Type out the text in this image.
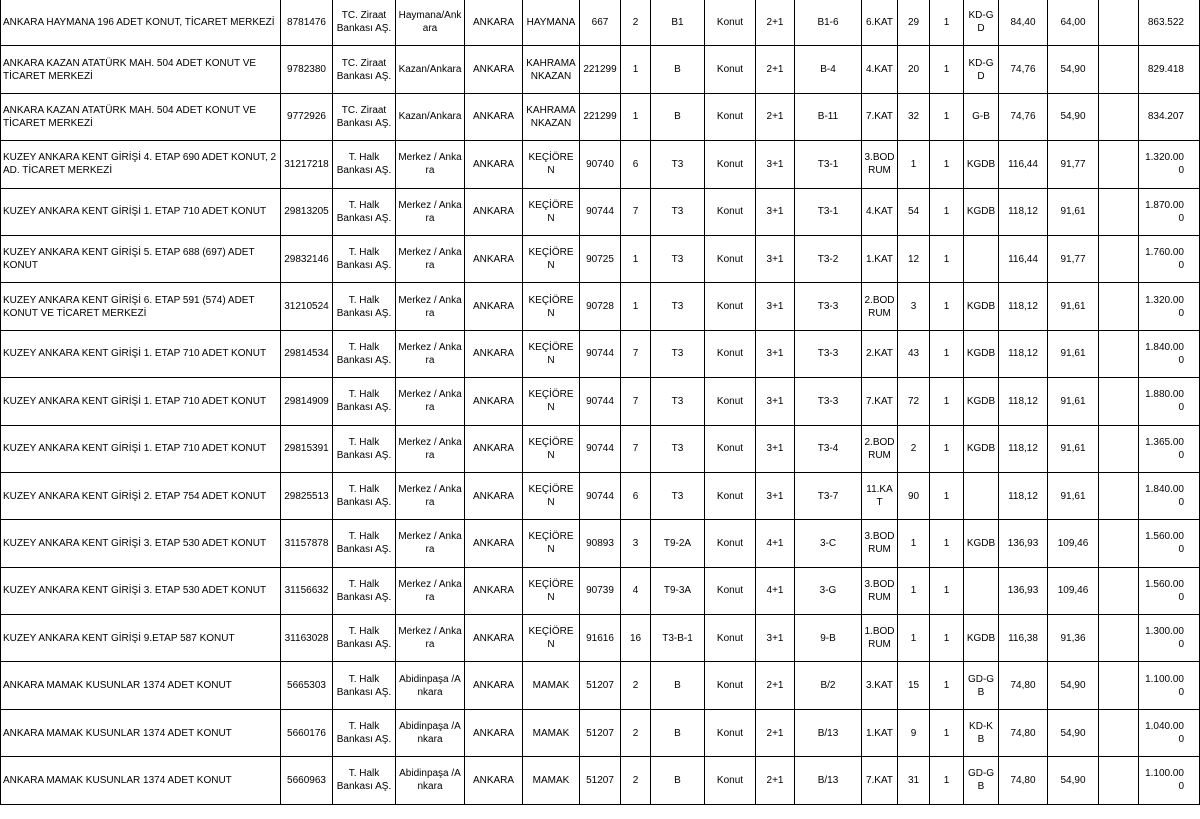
ANKARA HAYMANA 196 ADET KONUT, TİCARET MERKEZİ	8781476	TC. Ziraat Bankası AŞ.	Haymana/Ankara	ANKARA	HAYMANA	667	2	B1	Konut	2+1	B1-6	6.KAT	29	1	KD-GD	84,40	64,00		863.522
ANKARA KAZAN ATATÜRK MAH. 504 ADET KONUT VE TİCARET MERKEZİ	9782380	TC. Ziraat Bankası AŞ.	Kazan/Ankara	ANKARA	KAHRAMANKAZAN	221299	1	B	Konut	2+1	B-4	4.KAT	20	1	KD-GD	74,76	54,90		829.418
ANKARA KAZAN ATATÜRK MAH. 504 ADET KONUT VE TİCARET MERKEZİ	9772926	TC. Ziraat Bankası AŞ.	Kazan/Ankara	ANKARA	KAHRAMANKAZAN	221299	1	B	Konut	2+1	B-11	7.KAT	32	1	G-B	74,76	54,90		834.207
KUZEY ANKARA KENT GİRİŞİ 4. ETAP 690 ADET KONUT, 2 AD. TİCARET MERKEZİ	31217218	T. Halk Bankası AŞ.	Merkez / Ankara	ANKARA	KEÇİÖREN	90740	6	T3	Konut	3+1	T3-1	3.BODRUM	1	1	KGDB	116,44	91,77		1.320.000
KUZEY ANKARA KENT GİRİŞİ 1. ETAP 710 ADET KONUT	29813205	T. Halk Bankası AŞ.	Merkez / Ankara	ANKARA	KEÇİÖREN	90744	7	T3	Konut	3+1	T3-1	4.KAT	54	1	KGDB	118,12	91,61		1.870.000
KUZEY ANKARA KENT GİRİŞİ 5. ETAP 688 (697) ADET KONUT	29832146	T. Halk Bankası AŞ.	Merkez / Ankara	ANKARA	KEÇİÖREN	90725	1	T3	Konut	3+1	T3-2	1.KAT	12	1		116,44	91,77		1.760.000
KUZEY ANKARA KENT GİRİŞİ 6. ETAP 591 (574) ADET KONUT VE TİCARET MERKEZİ	31210524	T. Halk Bankası AŞ.	Merkez / Ankara	ANKARA	KEÇİÖREN	90728	1	T3	Konut	3+1	T3-3	2.BODRUM	3	1	KGDB	118,12	91,61		1.320.000
KUZEY ANKARA KENT GİRİŞİ 1. ETAP 710 ADET KONUT	29814534	T. Halk Bankası AŞ.	Merkez / Ankara	ANKARA	KEÇİÖREN	90744	7	T3	Konut	3+1	T3-3	2.KAT	43	1	KGDB	118,12	91,61		1.840.000
KUZEY ANKARA KENT GİRİŞİ 1. ETAP 710 ADET KONUT	29814909	T. Halk Bankası AŞ.	Merkez / Ankara	ANKARA	KEÇİÖREN	90744	7	T3	Konut	3+1	T3-3	7.KAT	72	1	KGDB	118,12	91,61		1.880.000
KUZEY ANKARA KENT GİRİŞİ 1. ETAP 710 ADET KONUT	29815391	T. Halk Bankası AŞ.	Merkez / Ankara	ANKARA	KEÇİÖREN	90744	7	T3	Konut	3+1	T3-4	2.BODRUM	2	1	KGDB	118,12	91,61		1.365.000
KUZEY ANKARA KENT GİRİŞİ 2. ETAP 754 ADET KONUT	29825513	T. Halk Bankası AŞ.	Merkez / Ankara	ANKARA	KEÇİÖREN	90744	6	T3	Konut	3+1	T3-7	11.KAT	90	1		118,12	91,61		1.840.000
KUZEY ANKARA KENT GİRİŞİ 3. ETAP 530 ADET KONUT	31157878	T. Halk Bankası AŞ.	Merkez / Ankara	ANKARA	KEÇİÖREN	90893	3	T9-2A	Konut	4+1	3-C	3.BODRUM	1	1	KGDB	136,93	109,46		1.560.000
KUZEY ANKARA KENT GİRİŞİ 3. ETAP 530 ADET KONUT	31156632	T. Halk Bankası AŞ.	Merkez / Ankara	ANKARA	KEÇİÖREN	90739	4	T9-3A	Konut	4+1	3-G	3.BODRUM	1	1		136,93	109,46		1.560.000
KUZEY ANKARA KENT GİRİŞİ 9.ETAP 587 KONUT	31163028	T. Halk Bankası AŞ.	Merkez / Ankara	ANKARA	KEÇİÖREN	91616	16	T3-B-1	Konut	3+1	9-B	1.BODRUM	1	1	KGDB	116,38	91,36		1.300.000
ANKARA MAMAK KUSUNLAR 1374 ADET KONUT	5665303	T. Halk Bankası AŞ.	Abidinpaşa /Ankara	ANKARA	MAMAK	51207	2	B	Konut	2+1	B/2	3.KAT	15	1	GD-GB	74,80	54,90		1.100.000
ANKARA MAMAK KUSUNLAR 1374 ADET KONUT	5660176	T. Halk Bankası AŞ.	Abidinpaşa /Ankara	ANKARA	MAMAK	51207	2	B	Konut	2+1	B/13	1.KAT	9	1	KD-KB	74,80	54,90		1.040.000
ANKARA MAMAK KUSUNLAR 1374 ADET KONUT	5660963	T. Halk Bankası AŞ.	Abidinpaşa /Ankara	ANKARA	MAMAK	51207	2	B	Konut	2+1	B/13	7.KAT	31	1	GD-GB	74,80	54,90		1.100.000
